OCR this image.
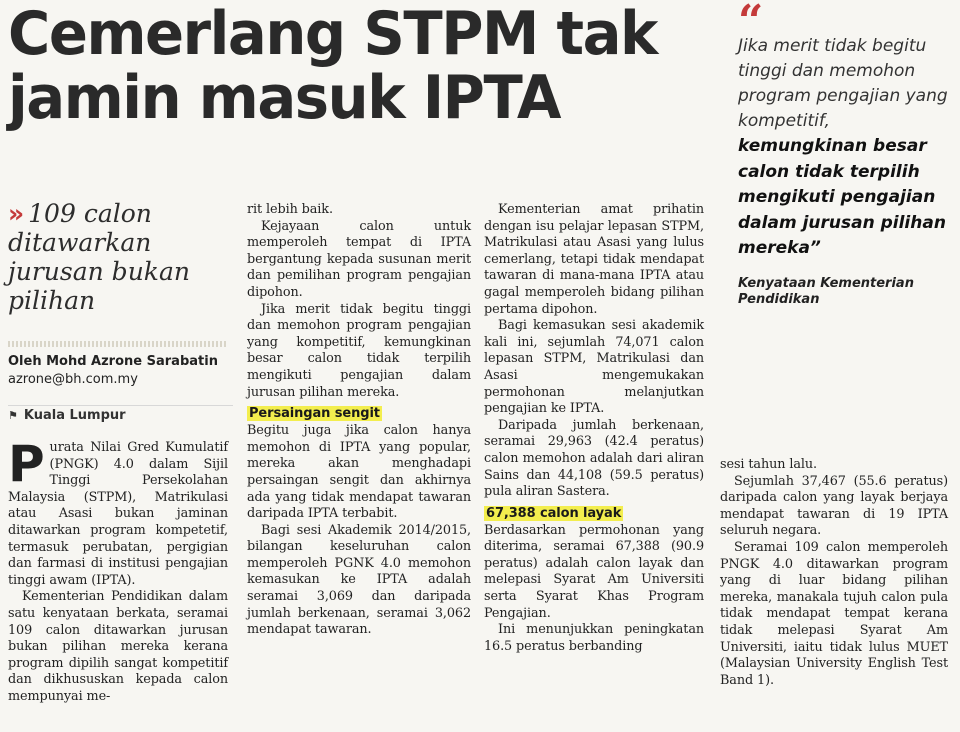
Cemerlang STPM tak
jamin masuk IPTA
“
Jika merit tidak begitu tinggi dan memohon program pengajian yang kompetitif,
kemungkinan besar calon tidak terpilih mengikuti pengajian dalam jurusan pilihan mereka”
Kenyataan Kementerian Pendidikan
» 109 calon ditawarkan jurusan bukan pilihan
Oleh Mohd Azrone Sarabatin
azrone@bh.com.my
⚑ Kuala Lumpur

Purata Nilai Gred Kumulatif (PNGK) 4.0 dalam Sijil Tinggi Persekolahan Malaysia (STPM), Matrikulasi atau Asasi bukan jaminan ditawarkan program kompetetif, termasuk perubatan, pergigian dan farmasi di institusi pengajian tinggi awam (IPTA).

Kementerian Pendidikan dalam satu kenyataan berkata, seramai 109 calon ditawarkan jurusan bukan pilihan mereka kerana program dipilih sangat kompetitif dan dikhususkan kepada calon mempunyai me-

rit lebih baik.

Kejayaan calon untuk memperoleh tempat di IPTA bergantung kepada susunan merit dan pemilihan program pengajian dipohon.

Jika merit tidak begitu tinggi dan memohon program pengajian yang kompetitif, kemungkinan besar calon tidak terpilih mengikuti pengajian dalam jurusan pilihan mereka.

Persaingan sengit

Begitu juga jika calon hanya memohon di IPTA yang popular, mereka akan menghadapi persaingan sengit dan akhirnya ada yang tidak mendapat tawaran daripada IPTA terbabit.

Bagi sesi Akademik 2014/2015, bilangan keseluruhan calon memperoleh PGNK 4.0 memohon kemasukan ke IPTA adalah seramai 3,069 dan daripada jumlah berkenaan, seramai 3,062 mendapat tawaran.

Kementerian amat prihatin dengan isu pelajar lepasan STPM, Matrikulasi atau Asasi yang lulus cemerlang, tetapi tidak mendapat tawaran di mana-mana IPTA atau gagal memperoleh bidang pilihan pertama dipohon.

Bagi kemasukan sesi akademik kali ini, sejumlah 74,071 calon lepasan STPM, Matrikulasi dan Asasi mengemukakan permohonan melanjutkan pengajian ke IPTA.

Daripada jumlah berkenaan, seramai 29,963 (42.4 peratus) calon memohon adalah dari aliran Sains dan 44,108 (59.5 peratus) pula aliran Sastera.

67,388 calon layak

Berdasarkan permohonan yang diterima, seramai 67,388 (90.9 peratus) adalah calon layak dan melepasi Syarat Am Universiti serta Syarat Khas Program Pengajian.

Ini menunjukkan peningkatan 16.5 peratus berbanding

sesi tahun lalu.

Sejumlah 37,467 (55.6 peratus) daripada calon yang layak berjaya mendapat tawaran di 19 IPTA seluruh negara.

Seramai 109 calon memperoleh PNGK 4.0 ditawarkan program yang di luar bidang pilihan mereka, manakala tujuh calon pula tidak mendapat tempat kerana tidak melepasi Syarat Am Universiti, iaitu tidak lulus MUET (Malaysian University English Test Band 1).
